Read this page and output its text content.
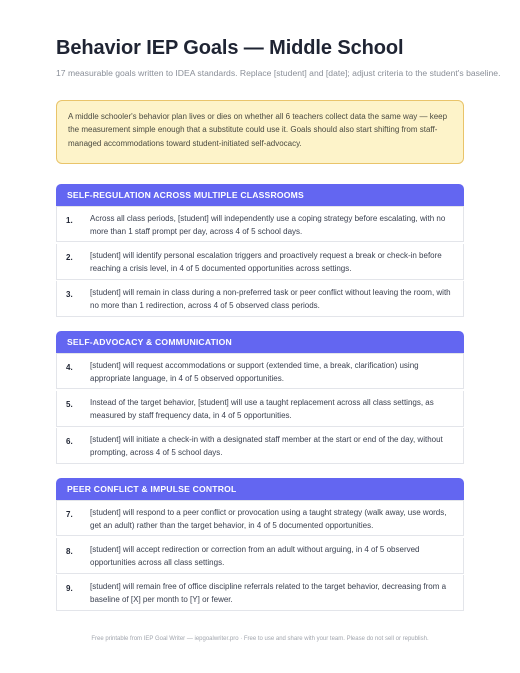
Behavior IEP Goals — Middle School
17 measurable goals written to IDEA standards. Replace [student] and [date]; adjust criteria to the student's baseline.
A middle schooler's behavior plan lives or dies on whether all 6 teachers collect data the same way — keep the measurement simple enough that a substitute could use it. Goals should also start shifting from staff-managed accommodations toward student-initiated self-advocacy.
SELF-REGULATION ACROSS MULTIPLE CLASSROOMS
1. Across all class periods, [student] will independently use a coping strategy before escalating, with no more than 1 staff prompt per day, across 4 of 5 school days.
2. [student] will identify personal escalation triggers and proactively request a break or check-in before reaching a crisis level, in 4 of 5 documented opportunities across settings.
3. [student] will remain in class during a non-preferred task or peer conflict without leaving the room, with no more than 1 redirection, across 4 of 5 observed class periods.
SELF-ADVOCACY & COMMUNICATION
4. [student] will request accommodations or support (extended time, a break, clarification) using appropriate language, in 4 of 5 observed opportunities.
5. Instead of the target behavior, [student] will use a taught replacement across all class settings, as measured by staff frequency data, in 4 of 5 opportunities.
6. [student] will initiate a check-in with a designated staff member at the start or end of the day, without prompting, across 4 of 5 school days.
PEER CONFLICT & IMPULSE CONTROL
7. [student] will respond to a peer conflict or provocation using a taught strategy (walk away, use words, get an adult) rather than the target behavior, in 4 of 5 documented opportunities.
8. [student] will accept redirection or correction from an adult without arguing, in 4 of 5 observed opportunities across all class settings.
9. [student] will remain free of office discipline referrals related to the target behavior, decreasing from a baseline of [X] per month to [Y] or fewer.
Free printable from IEP Goal Writer — iepgoalwriter.pro · Free to use and share with your team. Please do not sell or republish.
